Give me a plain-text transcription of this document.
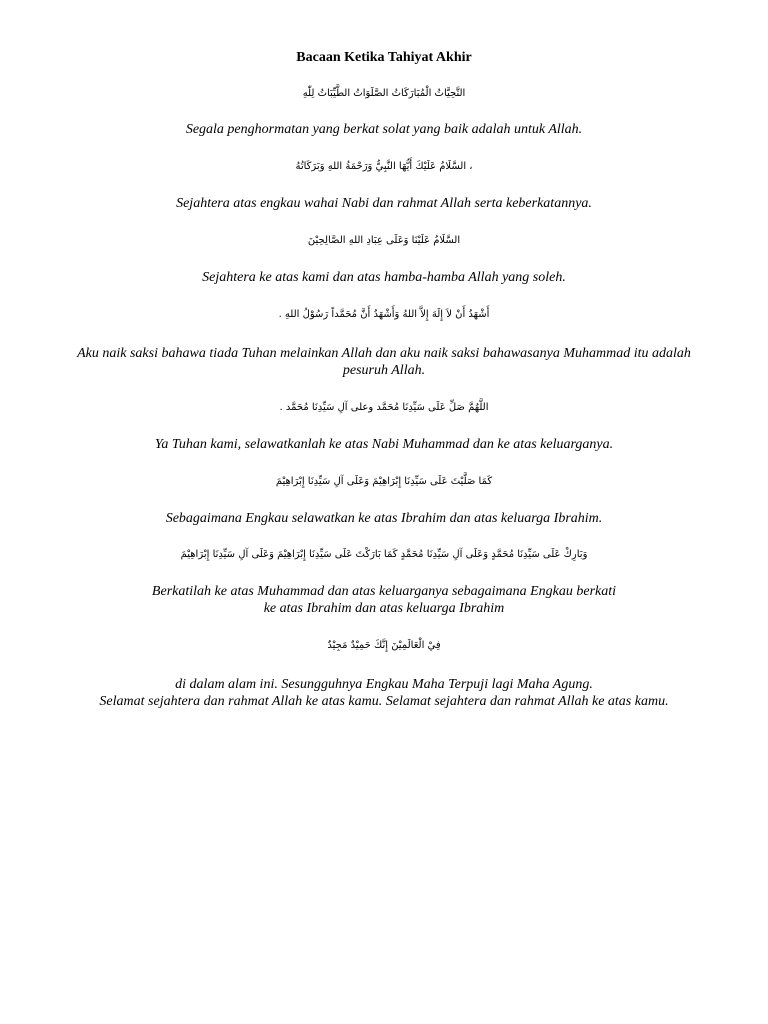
Bacaan Ketika Tahiyat Akhir
التَّحِيَّاتُ الْمُبَارَكَاتُ الصَّلَوَاتُ الطَّيِّبَاتُ لِلّٰهِ
Segala penghormatan yang berkat solat yang baik adalah untuk Allah.
، السَّلَامُ عَلَيْكَ أَيُّهَا النَّبِيُّ وَرَحْمَةُ اللهِ وَبَرَكَاتُهُ
Sejahtera atas engkau wahai Nabi dan rahmat Allah serta keberkatannya.
السَّلَامُ عَلَيْنَا وَعَلَى عِبَادِ اللهِ الصَّالِحِيْنَ
Sejahtera ke atas kami dan atas hamba-hamba Allah yang soleh.
أَشْهَدُ أَنْ لاَ إِلَهَ إِلاَّ اللهُ وَأَشْهَدُ أَنَّ مُحَمَّداً رَسُوْلُ اللهِ .
Aku naik saksi bahawa tiada Tuhan melainkan Allah dan aku naik saksi bahawasanya Muhammad itu adalah
pesuruh Allah.
اللَّهُمَّ صَلِّ عَلَى سَيِّدِنَا مُحَمَّد وعلى آلِ سَيِّدِنَا مُحَمَّد .
Ya Tuhan kami, selawatkanlah ke atas Nabi Muhammad dan ke atas keluarganya.
كَمَا صَلَّيْتَ عَلَى سَيِّدِنَا إِبْرَاهِيْمَ وَعَلَى آلِ سَيِّدِنَا إِبْرَاهِيْمَ
Sebagaimana Engkau selawatkan ke atas Ibrahim dan atas keluarga Ibrahim.
وَبَارِكْ عَلَى سَيِّدِنَا مُحَمَّدٍ وَعَلَى آلِ سَيِّدِنَا مُحَمَّدٍ كَمَا بَارَكْتَ عَلَى سَيِّدِنَا إِبْرَاهِيْمَ وَعَلَى آلِ سَيِّدِنَا إِبْرَاهِيْمَ
Berkatilah ke atas Muhammad dan atas keluarganya sebagaimana Engkau berkati
ke atas Ibrahim dan atas keluarga Ibrahim
فِيْ الْعَالَمِيْنَ إِنَّكَ حَمِيْدٌ مَجِيْدٌ
di dalam alam ini. Sesungguhnya Engkau Maha Terpuji lagi Maha Agung.
Selamat sejahtera dan rahmat Allah ke atas kamu. Selamat sejahtera dan rahmat Allah ke atas kamu.
